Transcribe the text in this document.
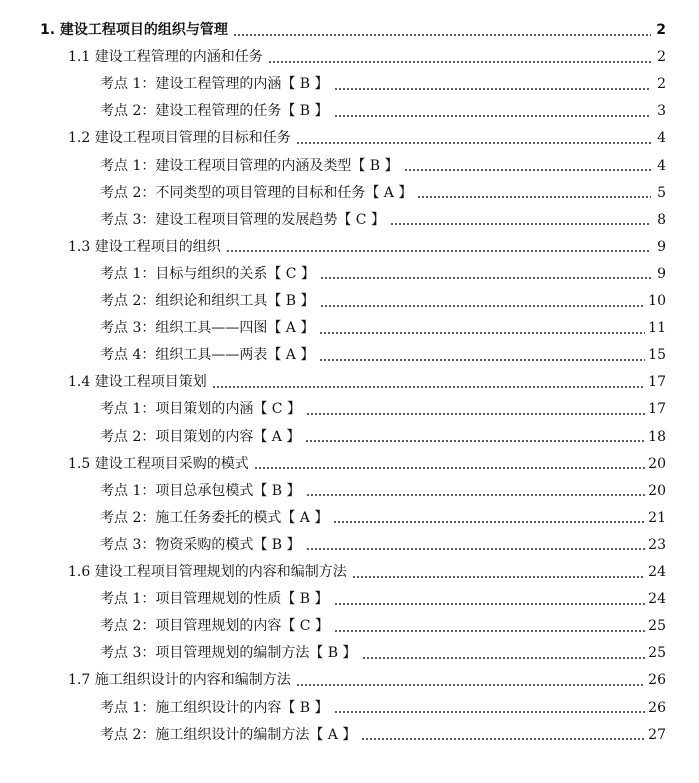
1. 建设工程项目的组织与管理	2
1.1 建设工程管理的内涵和任务	2
考点 1：建设工程管理的内涵【 B 】	2
考点 2：建设工程管理的任务【 B 】	3
1.2 建设工程项目管理的目标和任务	4
考点 1：建设工程项目管理的内涵及类型【 B 】	4
考点 2：不同类型的项目管理的目标和任务【 A 】	5
考点 3：建设工程项目管理的发展趋势【 C 】	8
1.3 建设工程项目的组织	9
考点 1：目标与组织的关系【 C 】	9
考点 2：组织论和组织工具【 B 】	10
考点 3：组织工具——四图【 A 】	11
考点 4：组织工具——两表【 A 】	15
1.4 建设工程项目策划	17
考点 1：项目策划的内涵【 C 】	17
考点 2：项目策划的内容【 A 】	18
1.5 建设工程项目采购的模式	20
考点 1：项目总承包模式【 B 】	20
考点 2：施工任务委托的模式【 A 】	21
考点 3：物资采购的模式【 B 】	23
1.6 建设工程项目管理规划的内容和编制方法	24
考点 1：项目管理规划的性质【 B 】	24
考点 2：项目管理规划的内容【 C 】	25
考点 3：项目管理规划的编制方法【 B 】	25
1.7 施工组织设计的内容和编制方法	26
考点 1：施工组织设计的内容【 B 】	26
考点 2：施工组织设计的编制方法【 A 】	27
